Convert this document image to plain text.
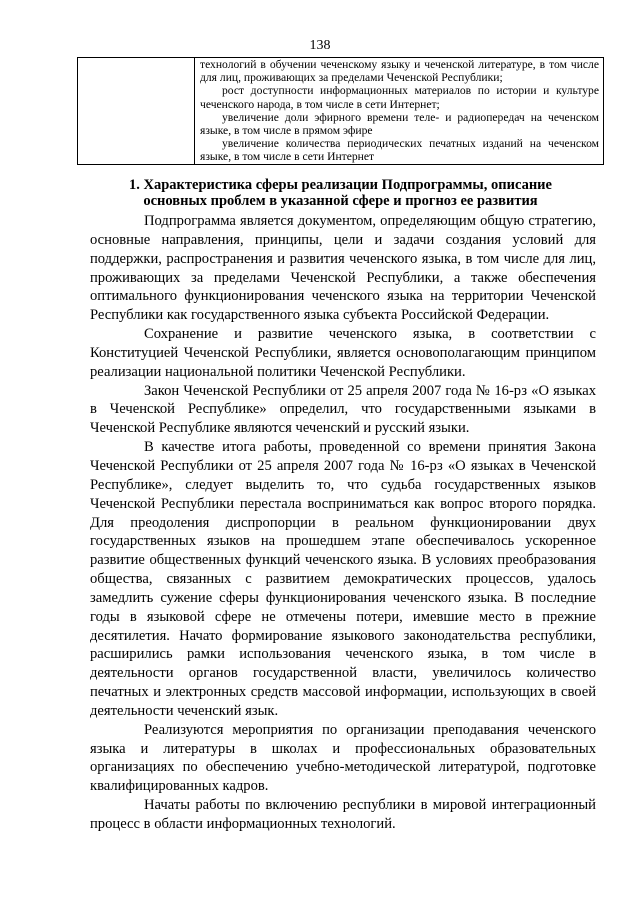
138

технологий в обучении чеченскому языку и чеченской литературе, в том числе для лиц, проживающих за пределами Чеченской Республики;

рост доступности информационных материалов по истории и культуре чеченского народа, в том числе в сети Интернет;

увеличение доли эфирного времени теле- и радиопередач на чеченском языке, в том числе в прямом эфире

увеличение количества периодических печатных изданий на чеченском языке, в том числе в сети Интернет

1. Характеристика сферы реализации Подпрограммы, описание
основных проблем в указанной сфере и прогноз ее развития

Подпрограмма является документом, определяющим общую стратегию, основные направления, принципы, цели и задачи создания условий для поддержки, распространения и развития чеченского языка, в том числе для лиц, проживающих за пределами Чеченской Республики, а также обеспечения оптимального функционирования чеченского языка на территории Чеченской Республики как государственного языка субъекта Российской Федерации.

Сохранение и развитие чеченского языка, в соответствии с Конституцией Чеченской Республики, является основополагающим принципом реализации национальной политики Чеченской Республики.

Закон Чеченской Республики от 25 апреля 2007 года № 16-рз «О языках в Чеченской Республике» определил, что государственными языками в Чеченской Республике являются чеченский и русский языки.

В качестве итога работы, проведенной со времени принятия Закона Чеченской Республики от 25 апреля 2007 года № 16-рз «О языках в Чеченской Республике», следует выделить то, что судьба государственных языков Чеченской Республики перестала восприниматься как вопрос второго порядка. Для преодоления диспропорции в реальном функционировании двух государственных языков на прошедшем этапе обеспечивалось ускоренное развитие общественных функций чеченского языка. В условиях преобразования общества, связанных с развитием демократических процессов, удалось замедлить сужение сферы функционирования чеченского языка. В последние годы в языковой сфере не отмечены потери, имевшие место в прежние десятилетия. Начато формирование языкового законодательства республики, расширились рамки использования чеченского языка, в том числе в деятельности органов государственной власти, увеличилось количество печатных и электронных средств массовой информации, использующих в своей деятельности чеченский язык.

Реализуются мероприятия по организации преподавания чеченского языка и литературы в школах и профессиональных образовательных организациях по обеспечению учебно-методической литературой, подготовке квалифицированных кадров.

Начаты работы по включению республики в мировой интеграционный процесс в области информационных технологий.
